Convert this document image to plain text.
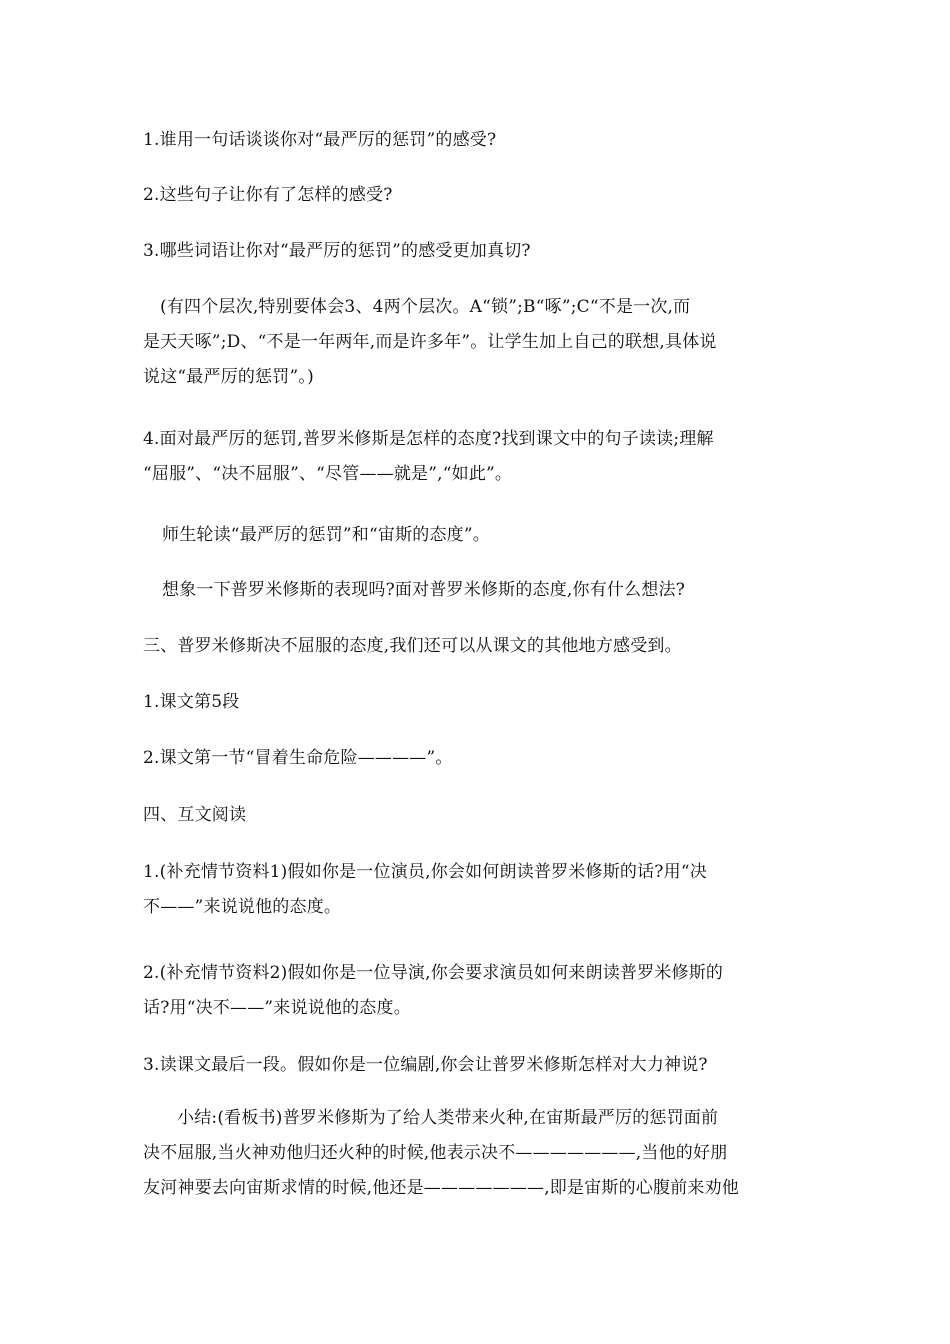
1.谁用一句话谈谈你对“最严厉的惩罚”的感受?
2.这些句子让你有了怎样的感受?
3.哪些词语让你对“最严厉的惩罚”的感受更加真切?
(有四个层次,特别要体会3、4两个层次。A“锁”;B“啄”;C“不是一次,而
是天天啄”;D、“不是一年两年,而是许多年”。让学生加上自己的联想,具体说
说这“最严厉的惩罚”。)
4.面对最严厉的惩罚,普罗米修斯是怎样的态度?找到课文中的句子读读;理解
“屈服”、“决不屈服”、“尽管——就是”,“如此”。
师生轮读“最严厉的惩罚”和“宙斯的态度”。
想象一下普罗米修斯的表现吗?面对普罗米修斯的态度,你有什么想法?
三、普罗米修斯决不屈服的态度,我们还可以从课文的其他地方感受到。
1.课文第5段
2.课文第一节“冒着生命危险————”。
四、互文阅读
1.(补充情节资料1)假如你是一位演员,你会如何朗读普罗米修斯的话?用“决
不——”来说说他的态度。
2.(补充情节资料2)假如你是一位导演,你会要求演员如何来朗读普罗米修斯的
话?用“决不——”来说说他的态度。
3.读课文最后一段。假如你是一位编剧,你会让普罗米修斯怎样对大力神说?
小结:(看板书)普罗米修斯为了给人类带来火种,在宙斯最严厉的惩罚面前
决不屈服,当火神劝他归还火种的时候,他表示决不———————,当他的好朋
友河神要去向宙斯求情的时候,他还是———————,即是宙斯的心腹前来劝他
